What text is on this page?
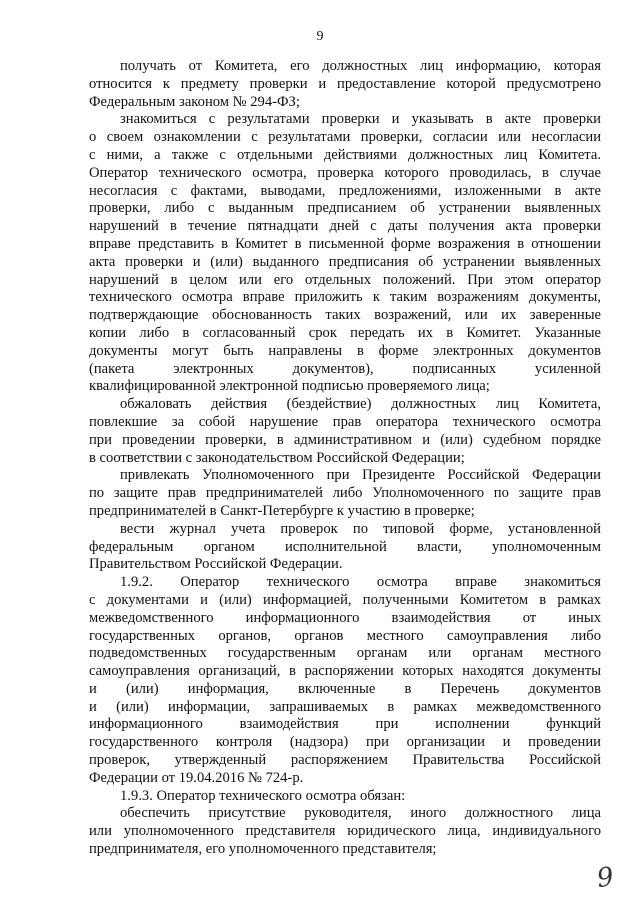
9
получать от Комитета, его должностных лиц информацию, которая
относится к предмету проверки и предоставление которой предусмотрено
Федеральным законом № 294-ФЗ;
знакомиться с результатами проверки и указывать в акте проверки
о своем ознакомлении с результатами проверки, согласии или несогласии
с ними, а также с отдельными действиями должностных лиц Комитета.
Оператор технического осмотра, проверка которого проводилась, в случае
несогласия с фактами, выводами, предложениями, изложенными в акте
проверки, либо с выданным предписанием об устранении выявленных
нарушений в течение пятнадцати дней с даты получения акта проверки
вправе представить в Комитет в письменной форме возражения в отношении
акта проверки и (или) выданного предписания об устранении выявленных
нарушений в целом или его отдельных положений. При этом оператор
технического осмотра вправе приложить к таким возражениям документы,
подтверждающие обоснованность таких возражений, или их заверенные
копии либо в согласованный срок передать их в Комитет. Указанные
документы могут быть направлены в форме электронных документов
(пакета электронных документов), подписанных усиленной
квалифицированной электронной подписью проверяемого лица;
обжаловать действия (бездействие) должностных лиц Комитета,
повлекшие за собой нарушение прав оператора технического осмотра
при проведении проверки, в административном и (или) судебном порядке
в соответствии с законодательством Российской Федерации;
привлекать Уполномоченного при Президенте Российской Федерации
по защите прав предпринимателей либо Уполномоченного по защите прав
предпринимателей в Санкт-Петербурге к участию в проверке;
вести журнал учета проверок по типовой форме, установленной
федеральным органом исполнительной власти, уполномоченным
Правительством Российской Федерации.
1.9.2. Оператор технического осмотра вправе знакомиться
с документами и (или) информацией, полученными Комитетом в рамках
межведомственного информационного взаимодействия от иных
государственных органов, органов местного самоуправления либо
подведомственных государственным органам или органам местного
самоуправления организаций, в распоряжении которых находятся документы
и (или) информация, включенные в Перечень документов
и (или) информации, запрашиваемых в рамках межведомственного
информационного взаимодействия при исполнении функций
государственного контроля (надзора) при организации и проведении
проверок, утвержденный распоряжением Правительства Российской
Федерации от 19.04.2016 № 724-р.
1.9.3. Оператор технического осмотра обязан:
обеспечить присутствие руководителя, иного должностного лица
или уполномоченного представителя юридического лица, индивидуального
предпринимателя, его уполномоченного представителя;
9
